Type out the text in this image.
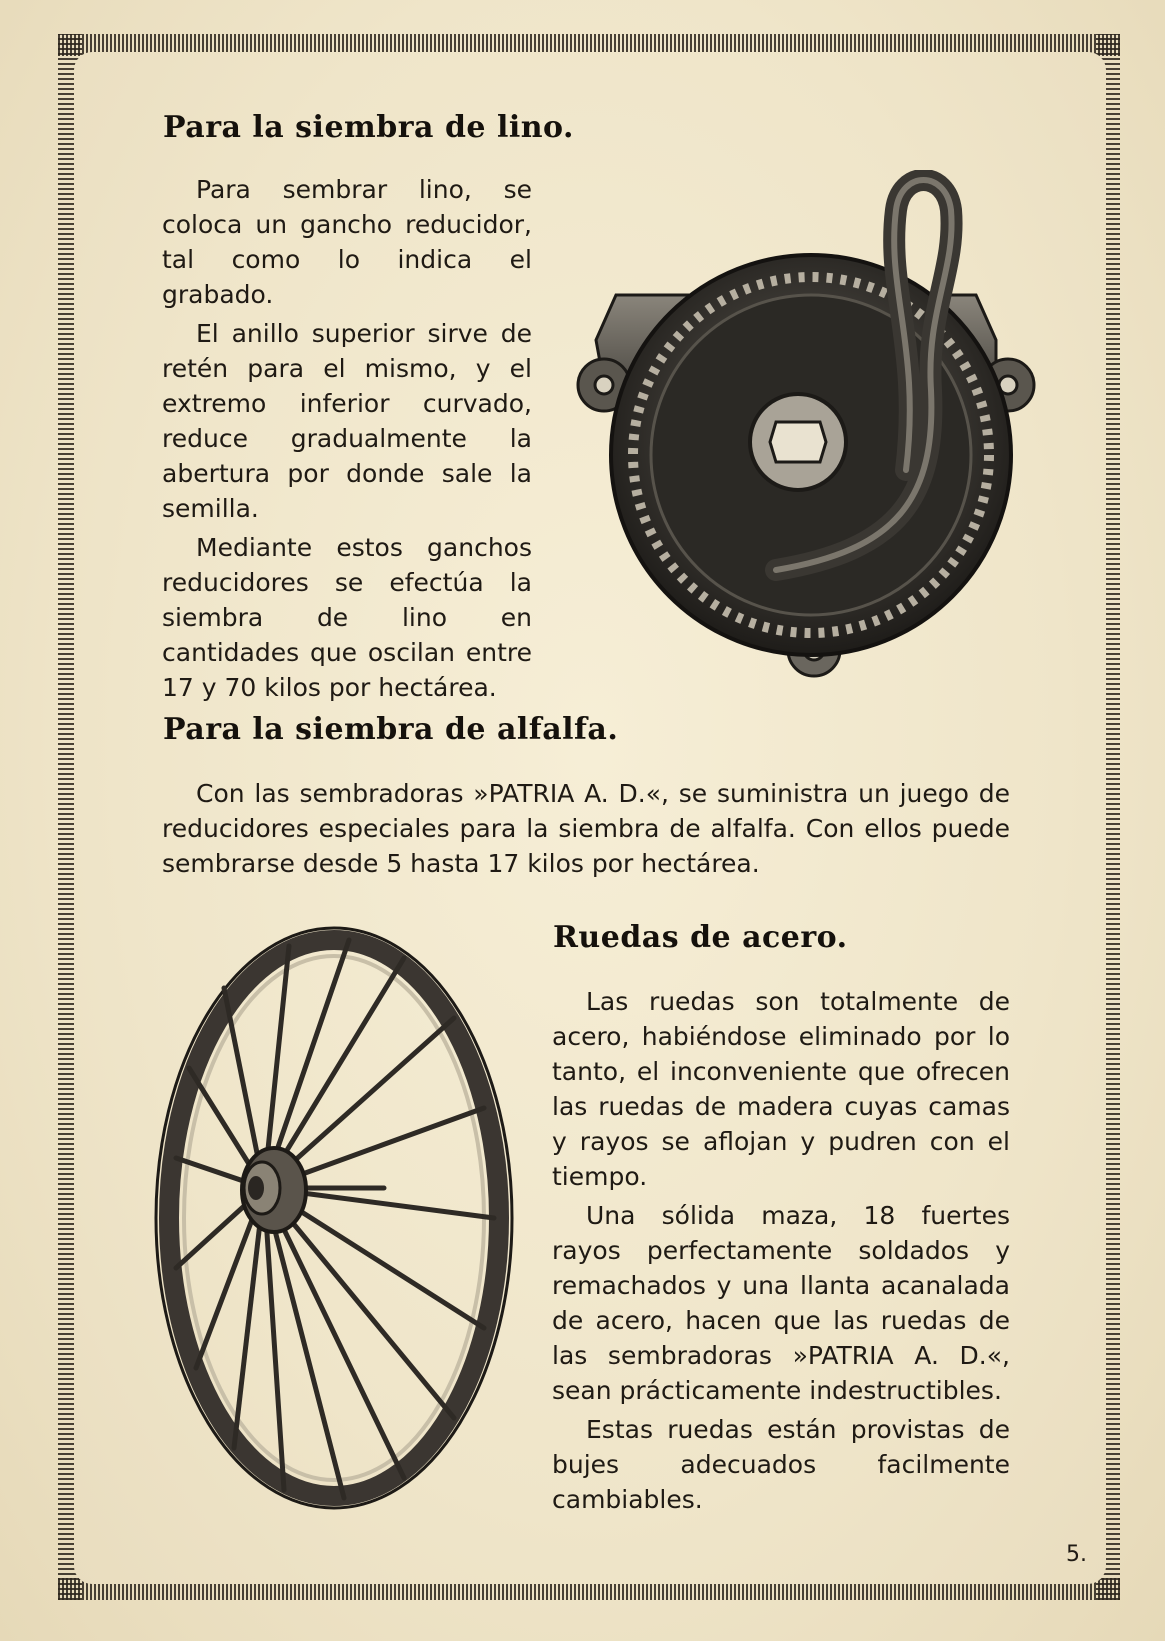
Para la siembra de lino.

Para sembrar lino, se coloca un gancho reducidor, tal como lo indica el grabado.

El anillo superior sirve de retén para el mismo, y el extremo inferior curvado, reduce gradualmente la abertura por donde sale la semilla.

Mediante estos ganchos reducidores se efectúa la siembra de lino en cantidades que oscilan entre 17 y 70 kilos por hectárea.

Para la siembra de alfalfa.

Con las sembradoras »PATRIA A. D.«, se suministra un juego de reducidores especiales para la siembra de alfalfa. Con ellos puede sembrarse desde 5 hasta 17 kilos por hectárea.

Ruedas de acero.

Las ruedas son totalmente de acero, habiéndose eliminado por lo tanto, el inconveniente que ofrecen las ruedas de madera cuyas camas y rayos se aflojan y pudren con el tiempo.

Una sólida maza, 18 fuertes rayos perfectamente soldados y remachados y una llanta acanalada de acero, hacen que las ruedas de las sembradoras »PATRIA A. D.«, sean prácticamente indestructibles.

Estas ruedas están provistas de bujes adecuados facilmente cambiables.

5.
